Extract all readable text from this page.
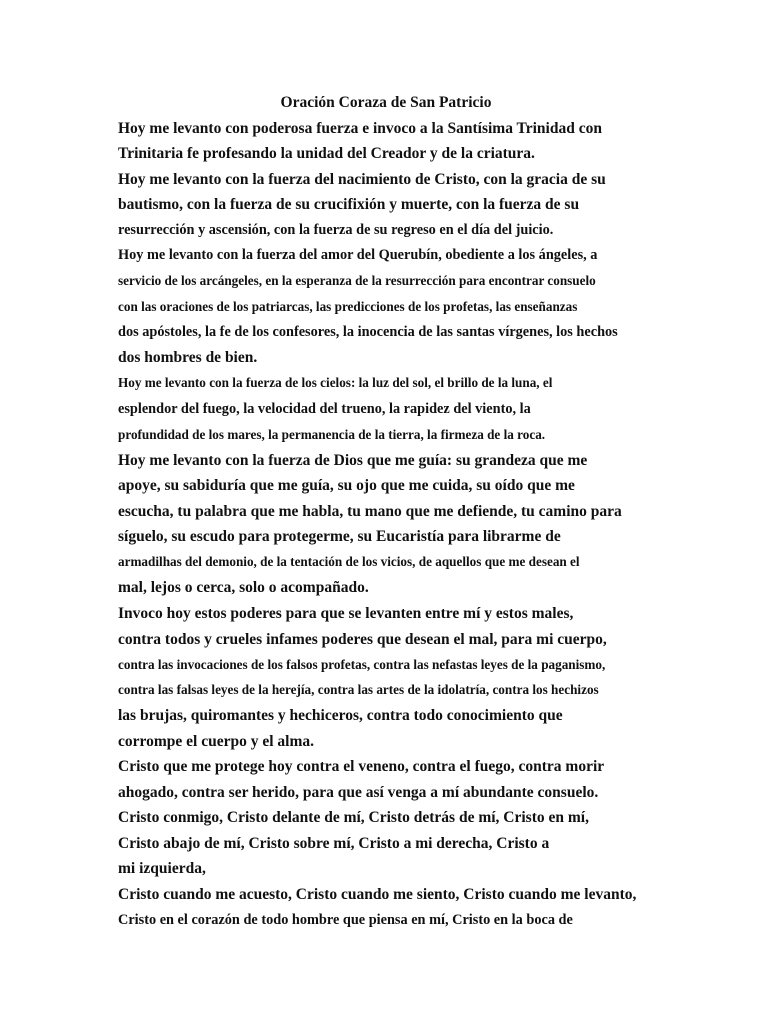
Oración Coraza de San Patricio
Hoy me levanto con poderosa fuerza e invoco a la Santísima Trinidad con
Trinitaria fe profesando la unidad del Creador y de la criatura.
Hoy me levanto con la fuerza del nacimiento de Cristo, con la gracia de su
bautismo, con la fuerza de su crucifixión y muerte, con la fuerza de su
resurrección y ascensión, con la fuerza de su regreso en el día del juicio.
Hoy me levanto con la fuerza del amor del Querubín, obediente a los ángeles, a
servicio de los arcángeles, en la esperanza de la resurrección para encontrar consuelo
con las oraciones de los patriarcas, las predicciones de los profetas, las enseñanzas
dos apóstoles, la fe de los confesores, la inocencia de las santas vírgenes, los hechos
dos hombres de bien.
Hoy me levanto con la fuerza de los cielos: la luz del sol, el brillo de la luna, el
esplendor del fuego, la velocidad del trueno, la rapidez del viento, la
profundidad de los mares, la permanencia de la tierra, la firmeza de la roca.
Hoy me levanto con la fuerza de Dios que me guía: su grandeza que me
apoye, su sabiduría que me guía, su ojo que me cuida, su oído que me
escucha, tu palabra que me habla, tu mano que me defiende, tu camino para
síguelo, su escudo para protegerme, su Eucaristía para librarme de
armadilhas del demonio, de la tentación de los vicios, de aquellos que me desean el
mal, lejos o cerca, solo o acompañado.
Invoco hoy estos poderes para que se levanten entre mí y estos males,
contra todos y crueles infames poderes que desean el mal, para mi cuerpo,
contra las invocaciones de los falsos profetas, contra las nefastas leyes de la paganismo,
contra las falsas leyes de la herejía, contra las artes de la idolatría, contra los hechizos
las brujas, quiromantes y hechiceros, contra todo conocimiento que
corrompe el cuerpo y el alma.
Cristo que me protege hoy contra el veneno, contra el fuego, contra morir
ahogado, contra ser herido, para que así venga a mí abundante consuelo.
Cristo conmigo, Cristo delante de mí, Cristo detrás de mí, Cristo en mí,
Cristo abajo de mí, Cristo sobre mí, Cristo a mi derecha, Cristo a
mi izquierda,
Cristo cuando me acuesto, Cristo cuando me siento, Cristo cuando me levanto,
Cristo en el corazón de todo hombre que piensa en mí, Cristo en la boca de
